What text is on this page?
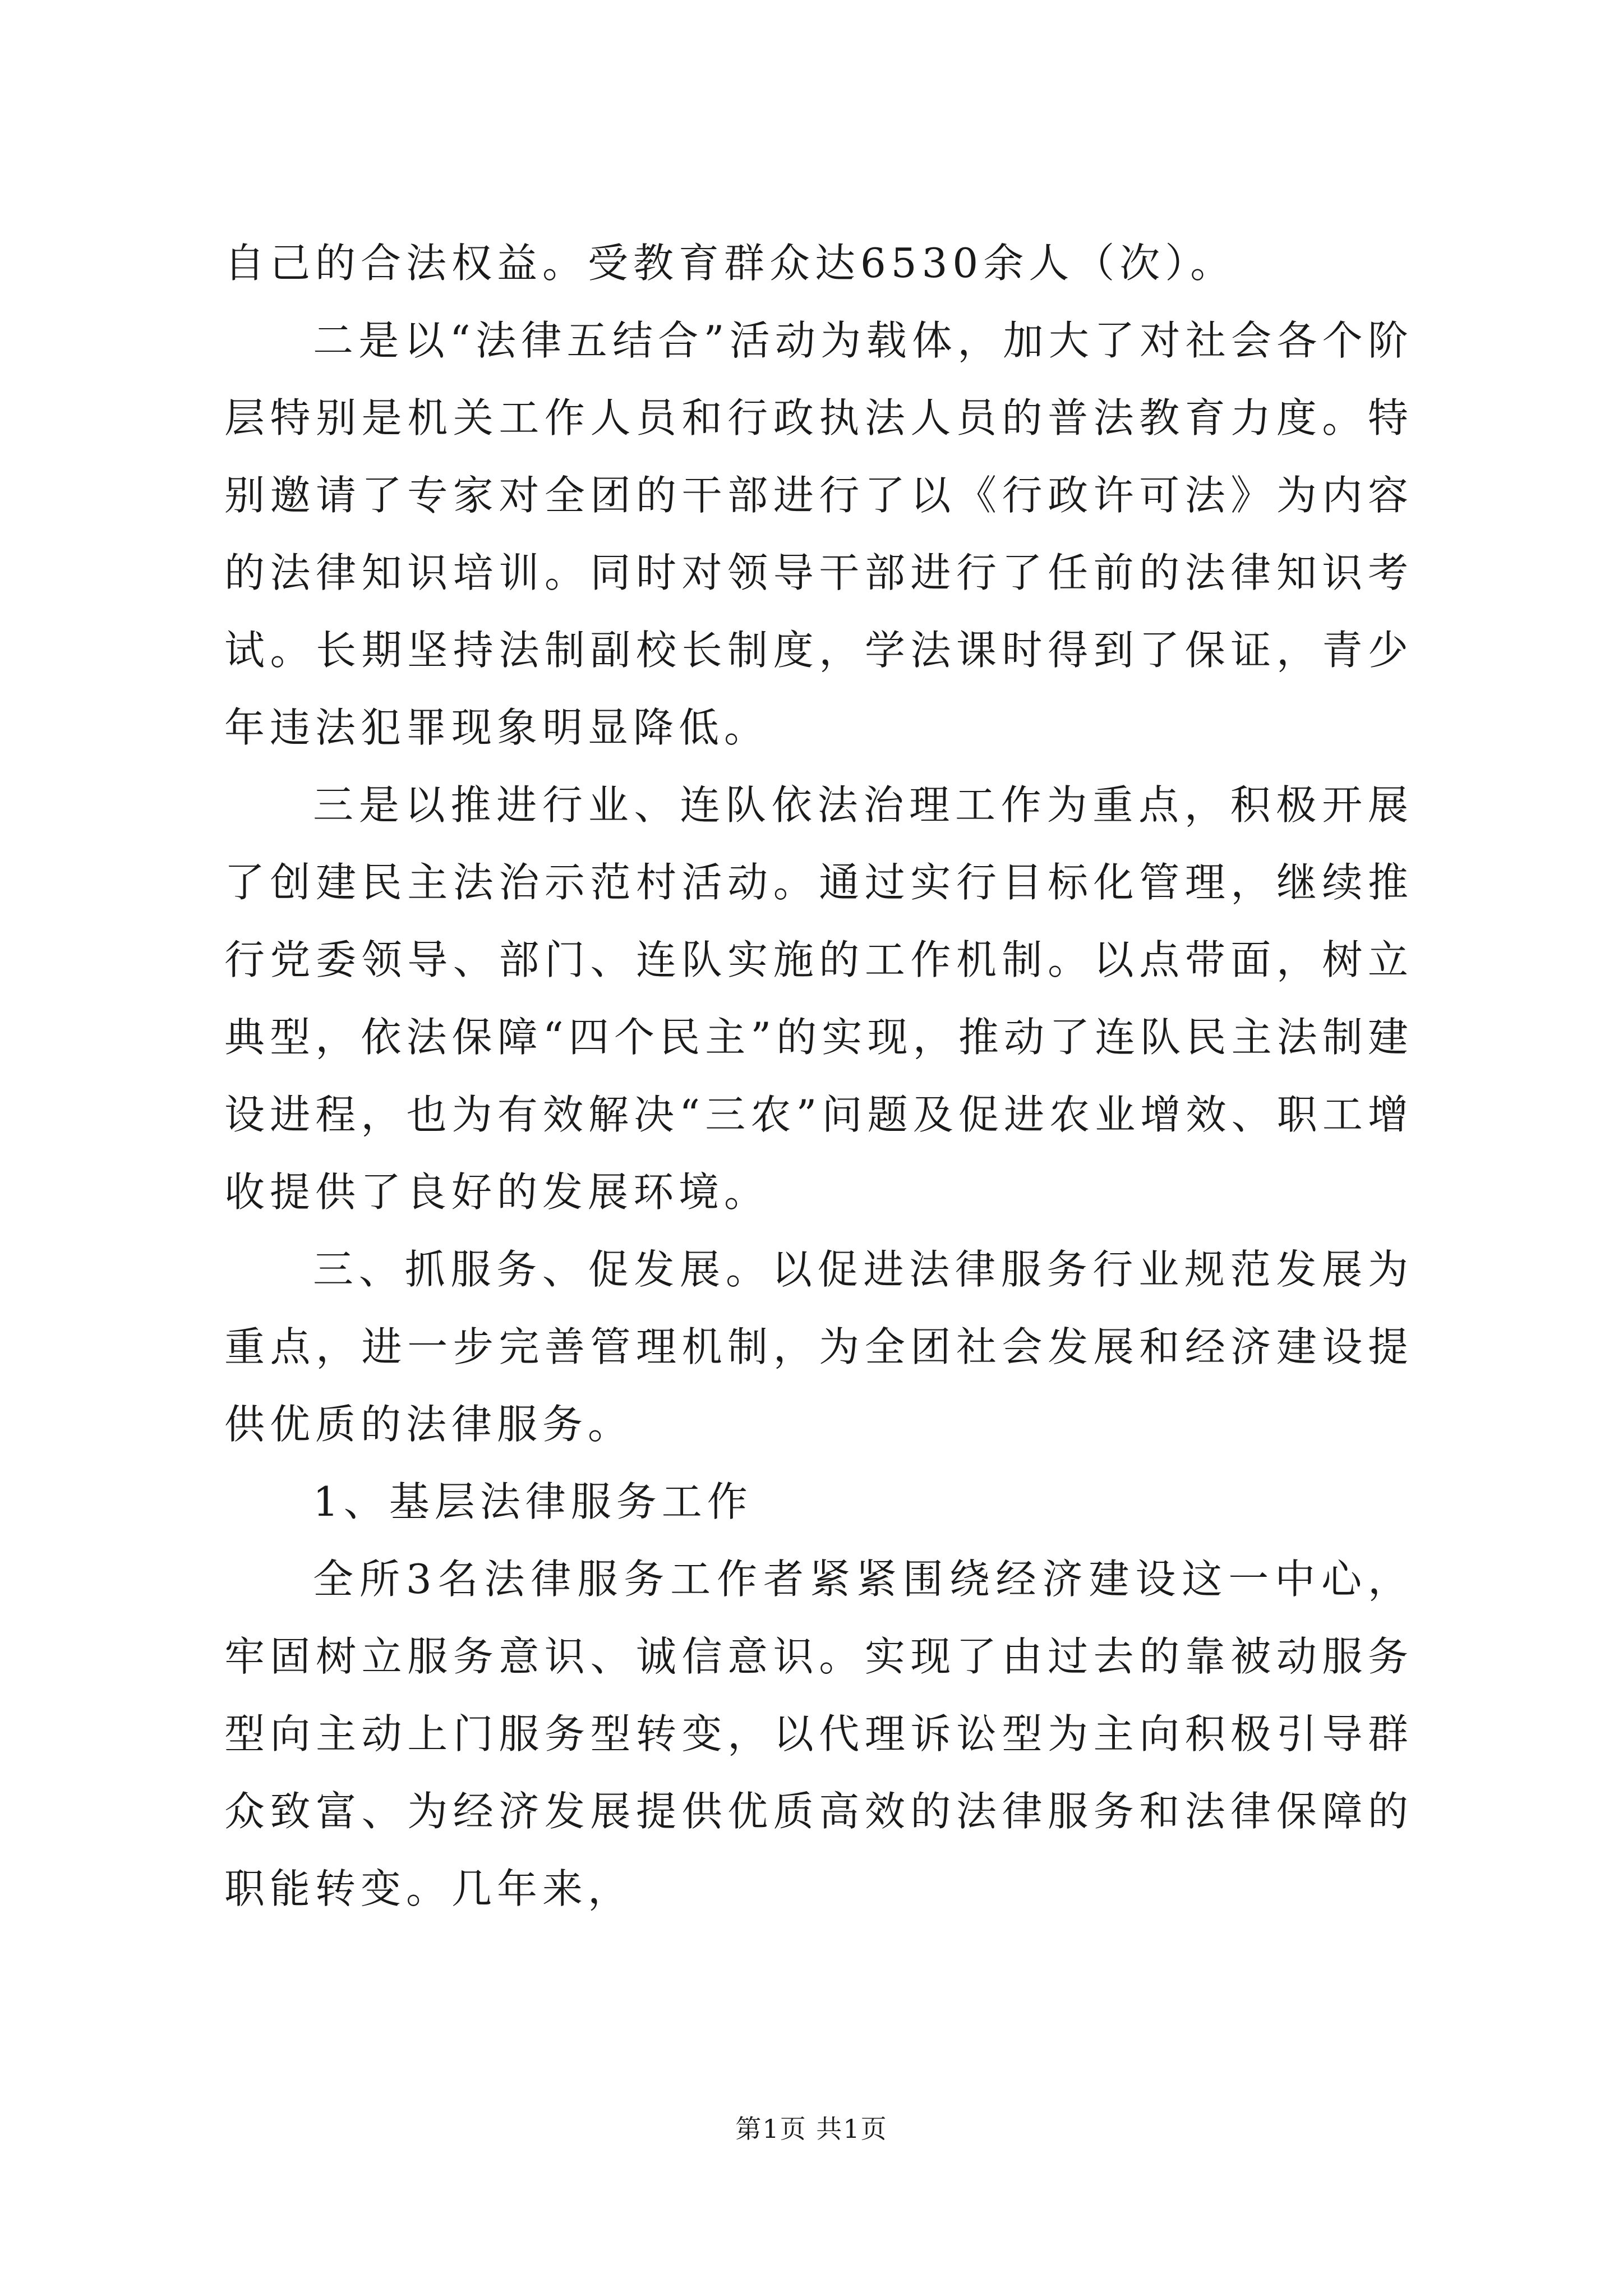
自己的合法权益。受教育群众达6530余人（次）。

二是以“法律五结合”活动为载体，加大了对社会各个阶层特别是机关工作人员和行政执法人员的普法教育力度。特别邀请了专家对全团的干部进行了以《行政许可法》为内容的法律知识培训。同时对领导干部进行了任前的法律知识考试。长期坚持法制副校长制度，学法课时得到了保证，青少年违法犯罪现象明显降低。

三是以推进行业、连队依法治理工作为重点，积极开展了创建民主法治示范村活动。通过实行目标化管理，继续推行党委领导、部门、连队实施的工作机制。以点带面，树立典型，依法保障“四个民主”的实现，推动了连队民主法制建设进程，也为有效解决“三农”问题及促进农业增效、职工增收提供了良好的发展环境。

三、抓服务、促发展。以促进法律服务行业规范发展为重点，进一步完善管理机制，为全团社会发展和经济建设提供优质的法律服务。

1、基层法律服务工作

全所3名法律服务工作者紧紧围绕经济建设这一中心，牢固树立服务意识、诚信意识。实现了由过去的靠被动服务型向主动上门服务型转变，以代理诉讼型为主向积极引导群众致富、为经济发展提供优质高效的法律服务和法律保障的职能转变。几年来，

第1页 共1页
